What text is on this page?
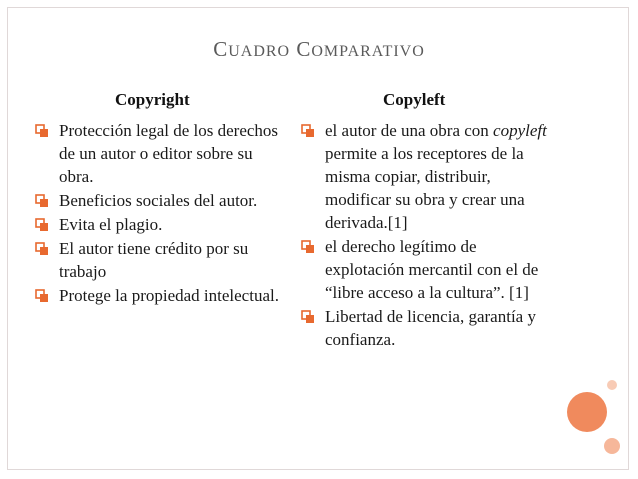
CUADRO COMPARATIVO
Copyright	Copyleft
Protección legal de los derechos de un autor o editor sobre su obra.
Beneficios sociales del autor.
Evita el plagio.
El autor tiene crédito por su trabajo
Protege la propiedad intelectual.
el autor de una obra con copyleft permite a los receptores de la misma copiar, distribuir, modificar su obra y crear una derivada.[1]
el derecho legítimo de explotación mercantil con el de “libre acceso a la cultura”. [1]
Libertad de licencia, garantía y confianza.
